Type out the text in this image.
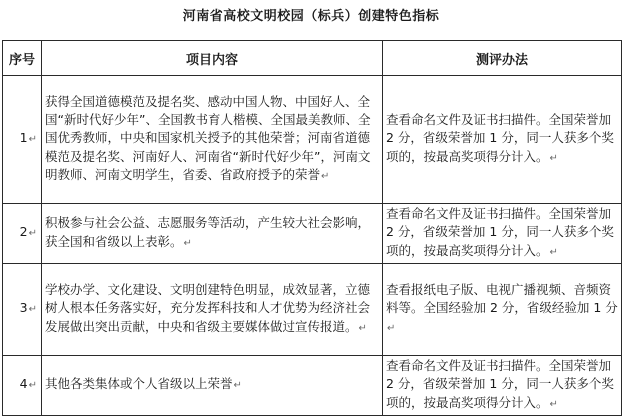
河南省高校文明校园（标兵）创建特色指标
序号	项目内容	测评办法
1↵	获得全国道德模范及提名奖、感动中国人物、中国好人、全国“新时代好少年”、全国教书育人楷模、全国最美教师、全国优秀教师，中央和国家机关授予的其他荣誉；河南省道德模范及提名奖、河南好人、河南省“新时代好少年”，河南文明教师、河南文明学生，省委、省政府授予的荣誉↵	查看命名文件及证书扫描件。全国荣誉加 2 分，省级荣誉加 1 分，同一人获多个奖项的，按最高奖项得分计入。↵
2↵	积极参与社会公益、志愿服务等活动，产生较大社会影响，获全国和省级以上表彰。↵	查看命名文件及证书扫描件。全国荣誉加 2 分，省级荣誉加 1 分，同一人获多个奖项的，按最高奖项得分计入。↵
3↵	学校办学、文化建设、文明创建特色明显，成效显著，立德树人根本任务落实好，充分发挥科技和人才优势为经济社会发展做出突出贡献，中央和省级主要媒体做过宣传报道。↵	查看报纸电子版、电视广播视频、音频资料等。全国经验加 2 分，省级经验加 1 分↵
4↵	其他各类集体或个人省级以上荣誉↵	查看命名文件及证书扫描件。全国荣誉加 2 分，省级荣誉加 1 分，同一人获多个奖项的，按最高奖项得分计入。↵
